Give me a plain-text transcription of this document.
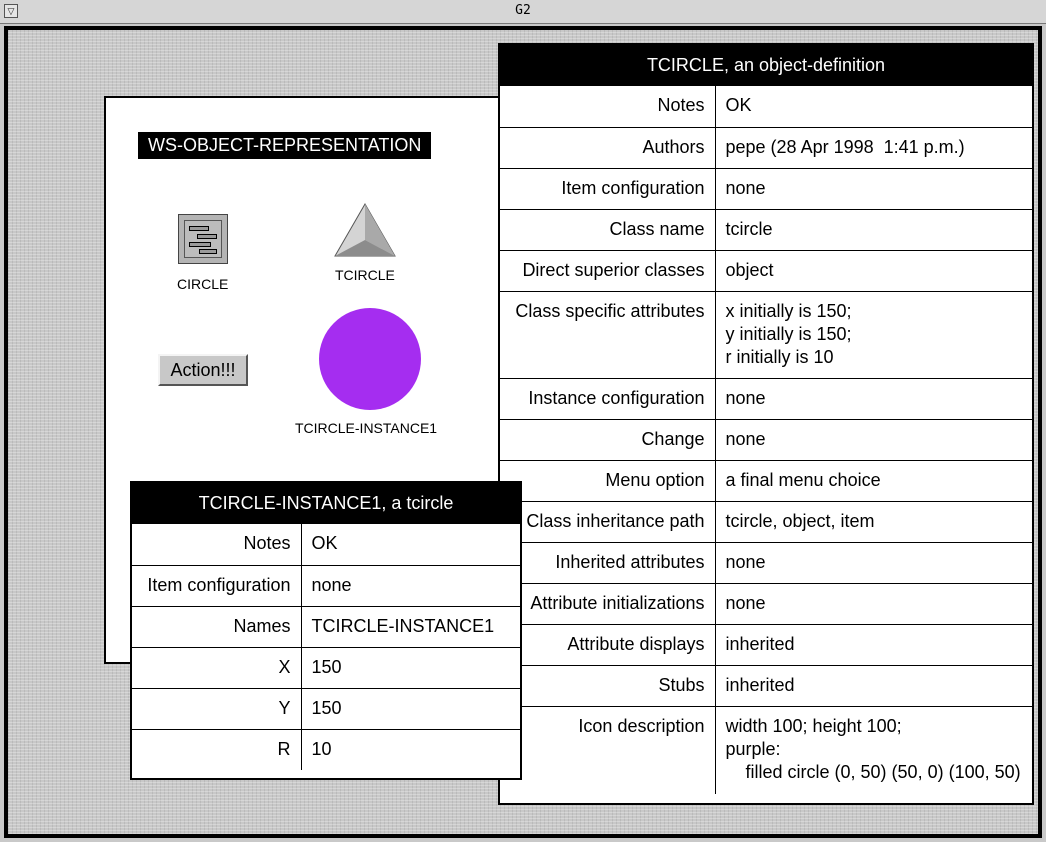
▽	G2
WS-OBJECT-REPRESENTATION
CIRCLE
TCIRCLE
Action!!!
TCIRCLE-INSTANCE1
TCIRCLE, an object-definition
Notes	OK
Authors	pepe (28 Apr 1998  1:41 p.m.)
Item configuration	none
Class name	tcircle
Direct superior classes	object
Class specific attributes	x initially is 150;
y initially is 150;
r initially is 10
Instance configuration	none
Change	none
Menu option	a final menu choice
Class inheritance path	tcircle, object, item
Inherited attributes	none
Attribute initializations	none
Attribute displays	inherited
Stubs	inherited
Icon description	width 100; height 100;
purple:
filled circle (0, 50) (50, 0) (100, 50)
TCIRCLE-INSTANCE1, a tcircle
Notes	OK
Item configuration	none
Names	TCIRCLE-INSTANCE1
X	150
Y	150
R	10
